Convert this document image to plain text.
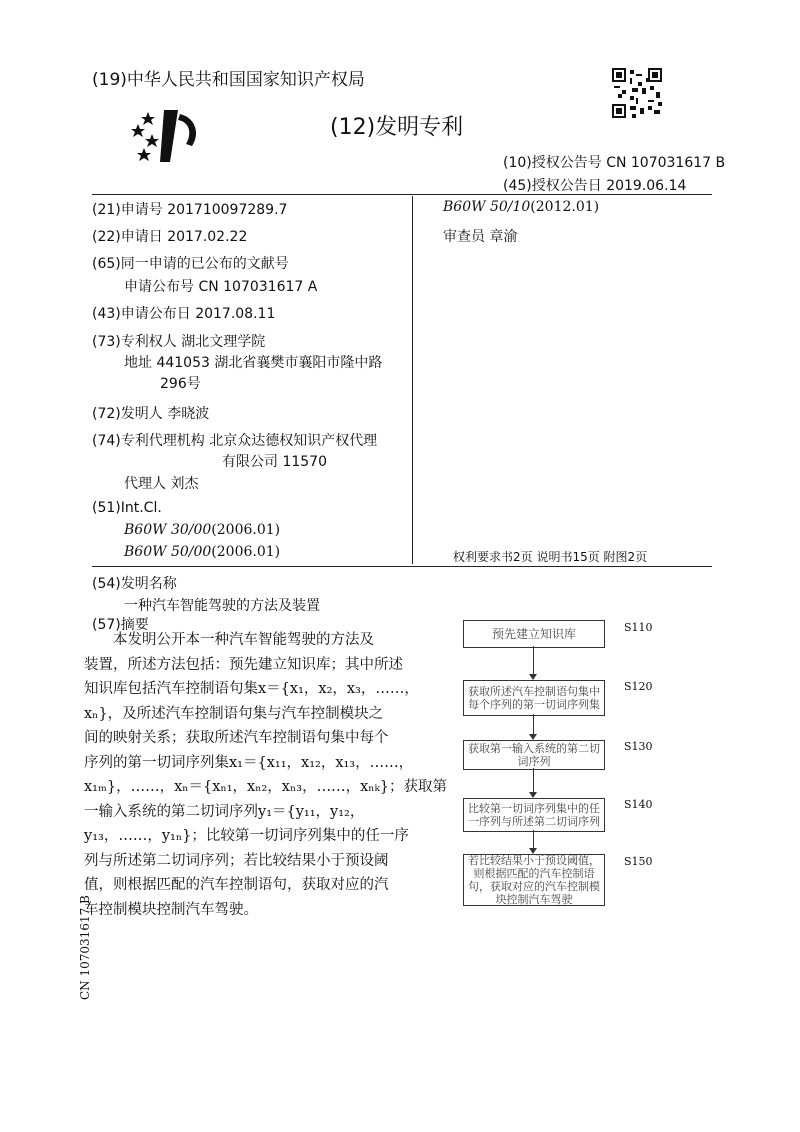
(19)中华人民共和国国家知识产权局
(12)发明专利
(10)授权公告号 CN 107031617 B
(45)授权公告日 2019.06.14
(21)申请号 201710097289.7
(22)申请日 2017.02.22
(65)同一申请的已公布的文献号
申请公布号 CN 107031617 A
(43)申请公布日 2017.08.11
(73)专利权人 湖北文理学院
地址 441053 湖北省襄樊市襄阳市隆中路
296号
(72)发明人 李晓波
(74)专利代理机构 北京众达德权知识产权代理
有限公司 11570
代理人 刘杰
(51)Int.Cl.
B60W 30/00(2006.01)
B60W 50/00(2006.01)
B60W 50/10(2012.01)
审查员 章渝
权利要求书2页 说明书15页 附图2页
(54)发明名称
一种汽车智能驾驶的方法及装置
(57)摘要
　　本发明公开本一种汽车智能驾驶的方法及
装置，所述方法包括：预先建立知识库；其中所述
知识库包括汽车控制语句集x＝{x₁，x₂，x₃，……，
xₙ}，及所述汽车控制语句集与汽车控制模块之
间的映射关系；获取所述汽车控制语句集中每个
序列的第一切词序列集x₁＝{x₁₁，x₁₂，x₁₃，……，
x₁ₘ}，……，xₙ＝{xₙ₁，xₙ₂，xₙ₃，……，xₙₖ}；获取第
一输入系统的第二切词序列y₁＝{y₁₁，y₁₂，
y₁₃，……，y₁ₙ}；比较第一切词序列集中的任一序
列与所述第二切词序列；若比较结果小于预设阈
值，则根据匹配的汽车控制语句，获取对应的汽
车控制模块控制汽车驾驶。
预先建立知识库	S110
获取所述汽车控制语句集中每个序列的第一切词序列集
S120
获取第一输入系统的第二切词序列
S130
比较第一切词序列集中的任一序列与所述第二切词序列
S140
若比较结果小于预设阈值，则根据匹配的汽车控制语句，获取对应的汽车控制模块控制汽车驾驶
S150
CN 107031617 B
